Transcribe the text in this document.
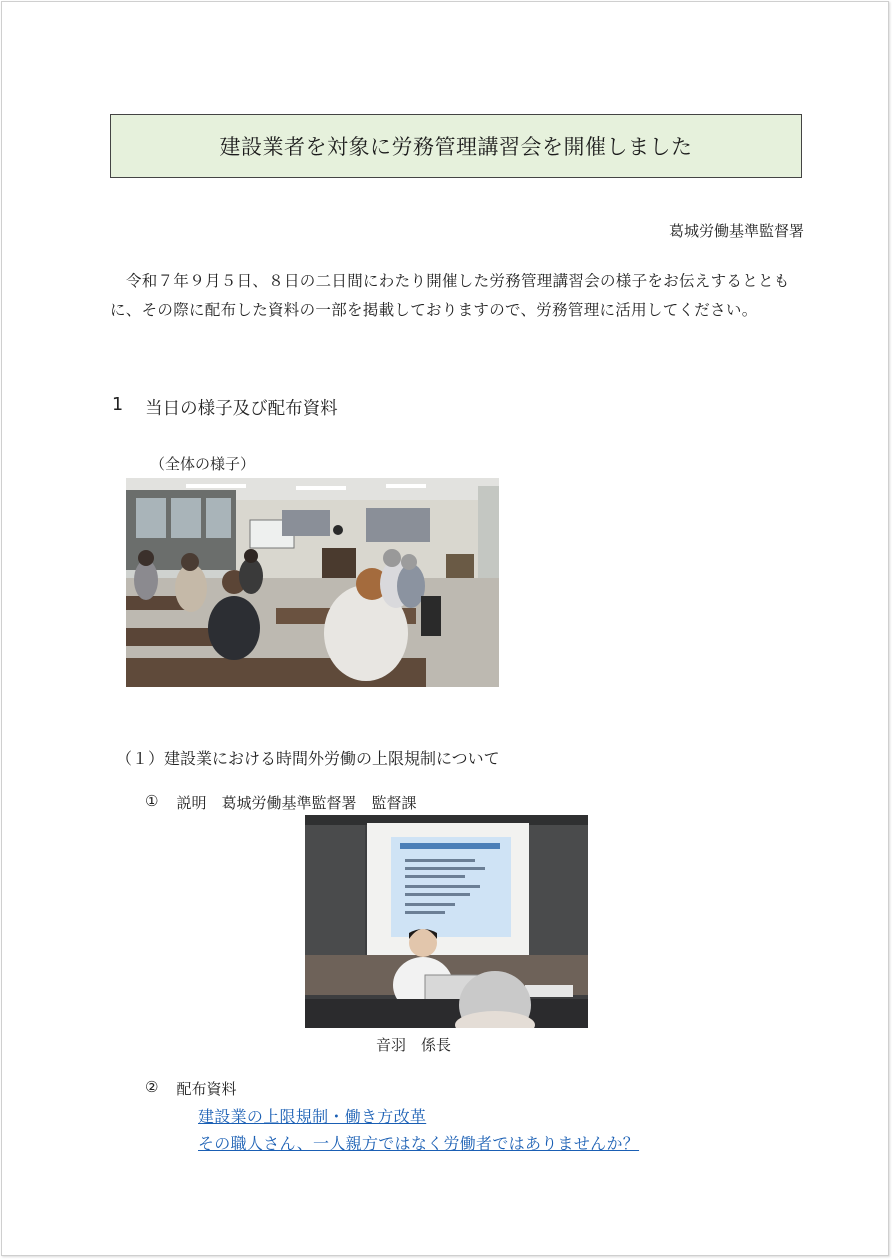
建設業者を対象に労務管理講習会を開催しました
葛城労働基準監督署
令和７年９月５日、８日の二日間にわたり開催した労務管理講習会の様子をお伝えするとともに、その際に配布した資料の一部を掲載しておりますので、労務管理に活用してください。
1 当日の様子及び配布資料
（全体の様子）
（１）建設業における時間外労働の上限規制について
① 説明　葛城労働基準監督署　監督課
音羽　係長
② 配布資料
建設業の上限規制・働き方改革
その職人さん、一人親方ではなく労働者ではありませんか？
